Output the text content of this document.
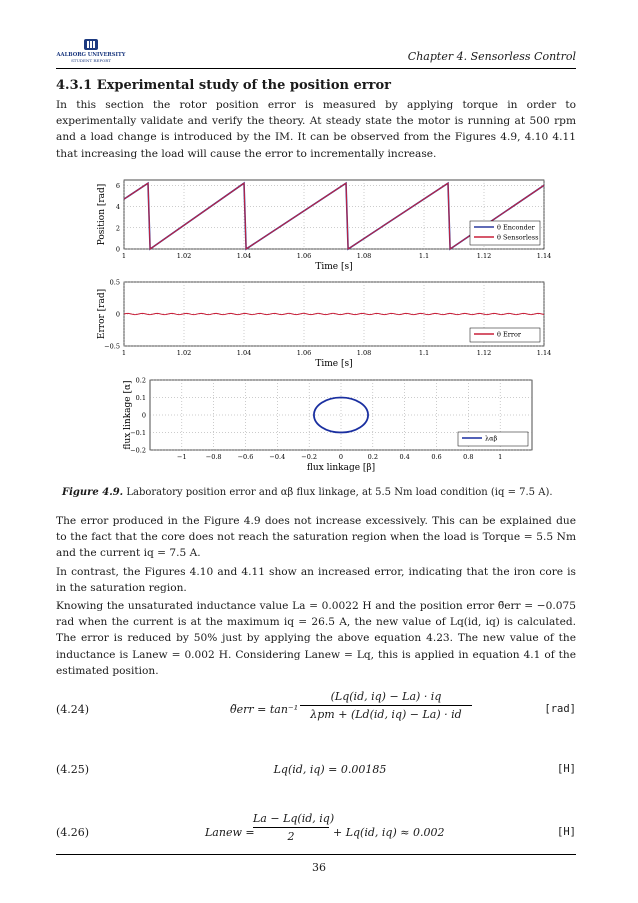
AALBORG UNIVERSITY
STUDENT REPORT	Chapter 4. Sensorless Control
4.3.1 Experimental study of the position error
In this section the rotor position error is measured by applying torque in order to experimentally validate and verify the theory. At steady state the motor is running at 500 rpm and a load change is introduced by the IM. It can be observed from the Figures 4.9, 4.10 4.11 that increasing the load will cause the error to incrementally increase.
1	1.02	1.04	1.06	1.08	1.1	1.12	1.14
0
2
4
6
Position [rad]
Time [s]
θ Enconder
θ Sensorless
1	1.02	1.04	1.06	1.08	1.1	1.12	1.14
−0.5
0
0.5
Error [rad]
Time [s]
θ Error
−1	−0.8 −0.6 −0.4 −0.2	0	0.2	0.4	0.6	0.8	1
−0.2
−0.1
0
0.1
0.2
flux linkage [α]
flux linkage [β]
λαβ
Figure 4.9. Laboratory position error and αβ flux linkage, at 5.5 Nm load condition (iq = 7.5 A).
The error produced in the Figure 4.9 does not increase excessively. This can be explained due to the fact that the core does not reach the saturation region when the load is Torque = 5.5 Nm and the current iq = 7.5 A.
In contrast, the Figures 4.10 and 4.11 show an increased error, indicating that the iron core is in the saturation region.
Knowing the unsaturated inductance value La = 0.0022 H and the position error θ̃err = −0.075 rad when the current is at the maximum iq = 26.5 A, the new value of Lq(id, iq) is calculated. The error is reduced by 50% just by applying the above equation 4.23. The new value of the inductance is Lanew = 0.002 H. Considering Lanew = Lq, this is applied in equation 4.1 of the estimated position.
(4.24)	θ̃err = tan⁻¹
(Lq(id, iq) − La) · iq
λpm + (Ld(id, iq) − La) · id	[rad]
(4.25)	Lq(id, iq) = 0.00185	[H]
(4.26)	Lanew =
La − Lq(id, iq)
2	+ Lq(id, iq) ≈ 0.002	[H]
36
